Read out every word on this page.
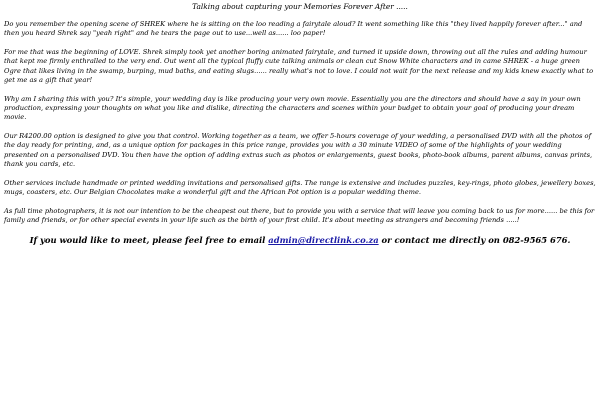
Talking about capturing your Memories Forever After .....

Do you remember the opening scene of SHREK where he is sitting on the loo reading a fairytale aloud? It went something like this "they lived happily forever after..." and then you heard Shrek say "yeah right" and he tears the page out to use...well as...... loo paper!

For me that was the beginning of LOVE. Shrek simply took yet another boring animated fairytale, and turned it upside down, throwing out all the rules and adding humour that kept me firmly enthralled to the very end. Out went all the typical fluffy cute talking animals or clean cut Snow White characters and in came SHREK - a huge green Ogre that likes living in the swamp, burping, mud baths, and eating slugs...... really what's not to love. I could not wait for the next release and my kids knew exactly what to get me as a gift that year!

Why am I sharing this with you? It's simple, your wedding day is like producing your very own movie. Essentially you are the directors and should have a say in your own production, expressing your thoughts on what you like and dislike, directing the characters and scenes within your budget to obtain your goal of producing your dream movie.

Our R4200.00 option is designed to give you that control. Working together as a team, we offer 5-hours coverage of your wedding, a personalised DVD with all the photos of the day ready for printing, and, as a unique option for packages in this price range, provides you with a 30 minute VIDEO of some of the highlights of your wedding presented on a personalised DVD. You then have the option of adding extras such as photos or enlargements, guest books, photo-book albums, parent albums, canvas prints, thank you cards, etc.

Other services include handmade or printed wedding invitations and personalised gifts. The range is extensive and includes puzzles, key-rings, photo globes, jewellery boxes, mugs, coasters, etc. Our Belgian Chocolates make a wonderful gift and the African Pot option is a popular wedding theme.

As full time photographers, it is not our intention to be the cheapest out there, but to provide you with a service that will leave you coming back to us for more...... be this for family and friends, or for other special events in your life such as the birth of your first child. It's about meeting as strangers and becoming friends .....!

If you would like to meet, please feel free to email admin@directlink.co.za or contact me directly on 082-9565 676.
